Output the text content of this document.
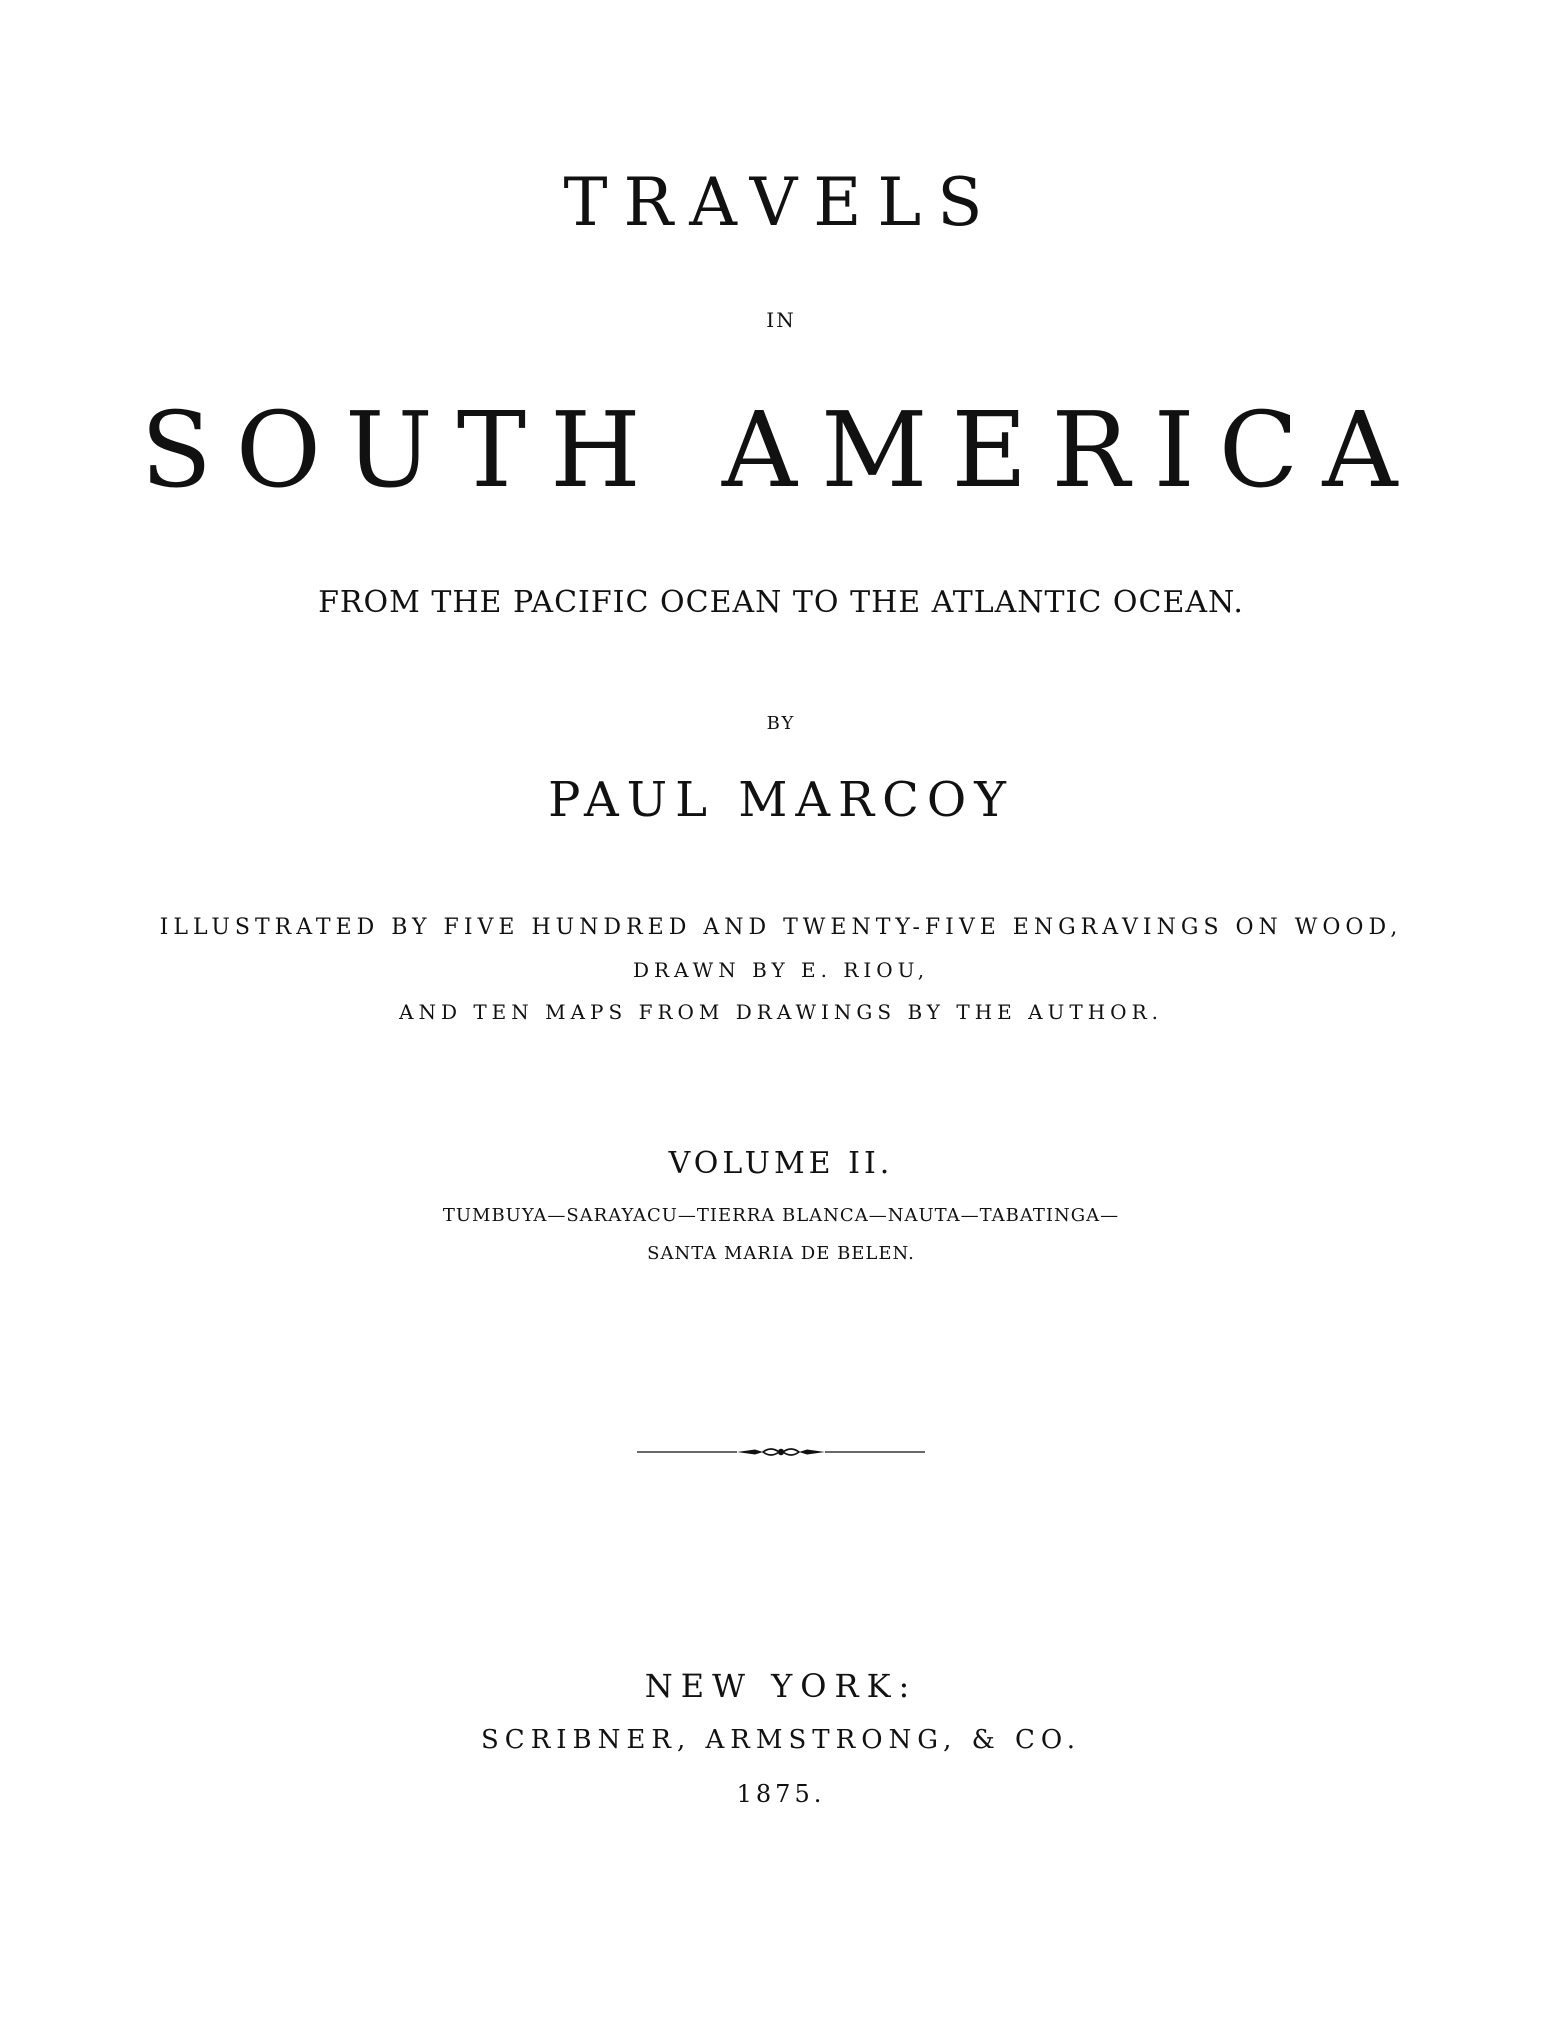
TRAVELS
IN
SOUTH AMERICA
FROM THE PACIFIC OCEAN TO THE ATLANTIC OCEAN.
BY
PAUL MARCOY
ILLUSTRATED BY FIVE HUNDRED AND TWENTY-FIVE ENGRAVINGS ON WOOD,
DRAWN BY E. RIOU,
AND TEN MAPS FROM DRAWINGS BY THE AUTHOR.
VOLUME II.
TUMBUYA—SARAYACU—TIERRA BLANCA—NAUTA—TABATINGA—
SANTA MARIA DE BELEN.
NEW YORK:
SCRIBNER, ARMSTRONG, & CO.
1875.
